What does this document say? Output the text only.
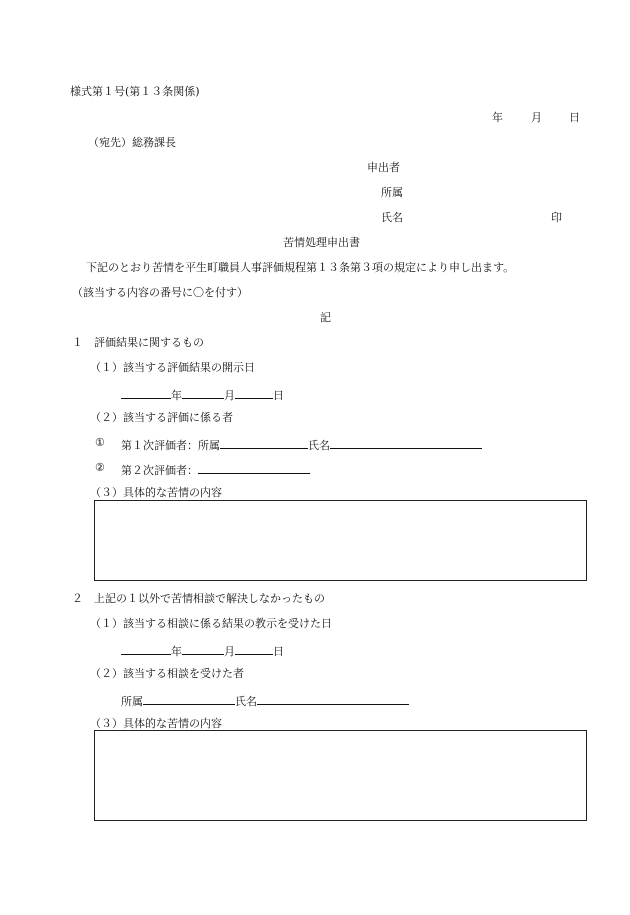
様式第１号(第１３条関係)
年	月 日
（宛先）総務課長
申出者
所属
氏名	印
苦情処理申出書
下記のとおり苦情を平生町職員人事評価規程第１３条第３項の規定により申し出ます。
（該当する内容の番号に〇を付す）
記
１　評価結果に関するもの
（１）該当する評価結果の開示日
年	月	日
（２）該当する評価に係る者
① 第１次評価者：所属	氏名
② 第２次評価者：
（３）具体的な苦情の内容
２　上記の１以外で苦情相談で解決しなかったもの
（１）該当する相談に係る結果の教示を受けた日
年	月	日
（２）該当する相談を受けた者
所属	氏名
（３）具体的な苦情の内容
